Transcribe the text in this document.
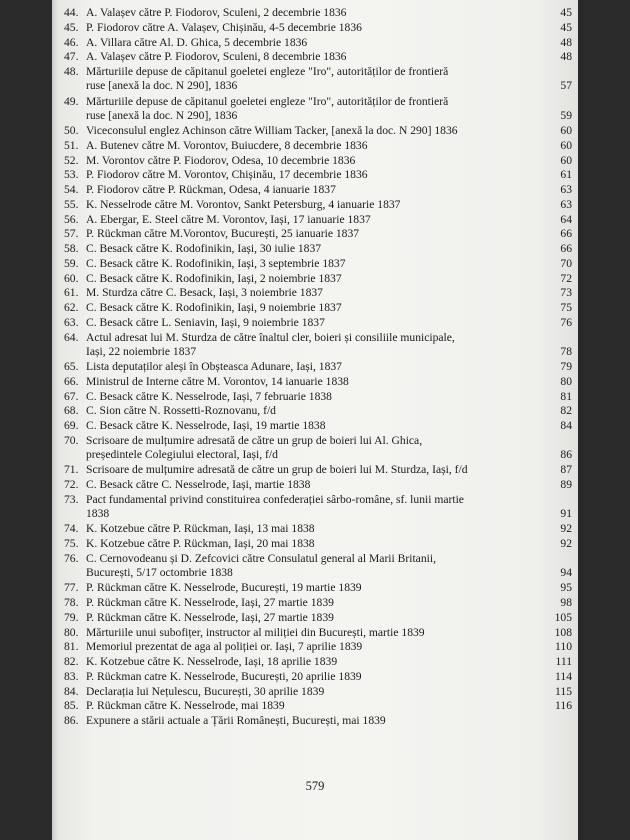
44. A. Valașev către P. Fiodorov, Sculeni, 2 decembrie 1836	45
45. P. Fiodorov către A. Valașev, Chișinău, 4-5 decembrie 1836	45
46. A. Villara către Al. D. Ghica, 5 decembrie 1836	48
47. A. Valașev către P. Fiodorov, Sculeni, 8 decembrie 1836	48
48. Mărturiile depuse de căpitanul goeletei engleze "Iro", autorităților de frontieră
ruse [anexă la doc. N 290], 1836	57
49. Mărturiile depuse de căpitanul goeletei engleze "Iro", autorităților de frontieră
ruse [anexă la doc. N 290], 1836	59
50. Viceconsulul englez Achinson către William Tacker, [anexă la doc. N 290] 1836	60
51. A. Butenev către M. Vorontov, Buiucdere, 8 decembrie 1836	60
52. M. Vorontov către P. Fiodorov, Odesa, 10 decembrie 1836	60
53. P. Fiodorov către M. Vorontov, Chișinău, 17 decembrie 1836	61
54. P. Fiodorov către P. Rückman, Odesa, 4 ianuarie 1837	63
55. K. Nesselrode către M. Vorontov, Sankt Petersburg, 4 ianuarie 1837	63
56. A. Ebergar, E. Steel către M. Vorontov, Iași, 17 ianuarie 1837	64
57. P. Rückman către M.Vorontov, București, 25 ianuarie 1837	66
58. C. Besack către K. Rodofinikin, Iași, 30 iulie 1837	66
59. C. Besack către K. Rodofinikin, Iași, 3 septembrie 1837	70
60. C. Besack către K. Rodofinikin, Iași, 2 noiembrie 1837	72
61. M. Sturdza către C. Besack, Iași, 3 noiembrie 1837	73
62. C. Besack către K. Rodofinikin, Iași, 9 noiembrie 1837	75
63. C. Besack către L. Seniavin, Iași, 9 noiembrie 1837	76
64. Actul adresat lui M. Sturdza de către înaltul cler, boieri și consiliile municipale,
Iași, 22 noiembrie 1837	78
65. Lista deputaților aleși în Obșteasca Adunare, Iași, 1837	79
66. Ministrul de Interne către M. Vorontov, 14 ianuarie 1838	80
67. C. Besack către K. Nesselrode, Iași, 7 februarie 1838	81
68. C. Sion către N. Rossetti-Roznovanu, f/d	82
69. C. Besack către K. Nesselrode, Iași, 19 martie 1838	84
70. Scrisoare de mulțumire adresată de către un grup de boieri lui Al. Ghica,
președintele Colegiului electoral, Iași, f/d	86
71. Scrisoare de mulțumire adresată de către un grup de boieri lui M. Sturdza, Iași, f/d	87
72. C. Besack către C. Nesselrode, Iași, martie 1838	89
73. Pact fundamental privind constituirea confederației sârbo-române, sf. lunii martie
1838	91
74. K. Kotzebue către P. Rückman, Iași, 13 mai 1838	92
75. K. Kotzebue către P. Rückman, Iași, 20 mai 1838	92
76. C. Cernovodeanu și D. Zefcovici către Consulatul general al Marii Britanii,
București, 5/17 octombrie 1838	94
77. P. Rückman către K. Nesselrode, București, 19 martie 1839	95
78. P. Rückman către K. Nesselrode, Iași, 27 martie 1839	98
79. P. Rückman către K. Nesselrode, Iași, 27 martie 1839	105
80. Mărturiile unui subofițer, instructor al miliției din București, martie 1839	108
81. Memoriul prezentat de aga al poliției or. Iași, 7 aprilie 1839	110
82. K. Kotzebue către K. Nesselrode, Iași, 18 aprilie 1839	111
83. P. Rückman catre K. Nesselrode, București, 20 aprilie 1839	114
84. Declarația lui Nețulescu, București, 30 aprilie 1839	115
85. P. Rückman către K. Nesselrode, mai 1839	116
86. Expunere a stării actuale a Țării Românești, București, mai 1839
579
